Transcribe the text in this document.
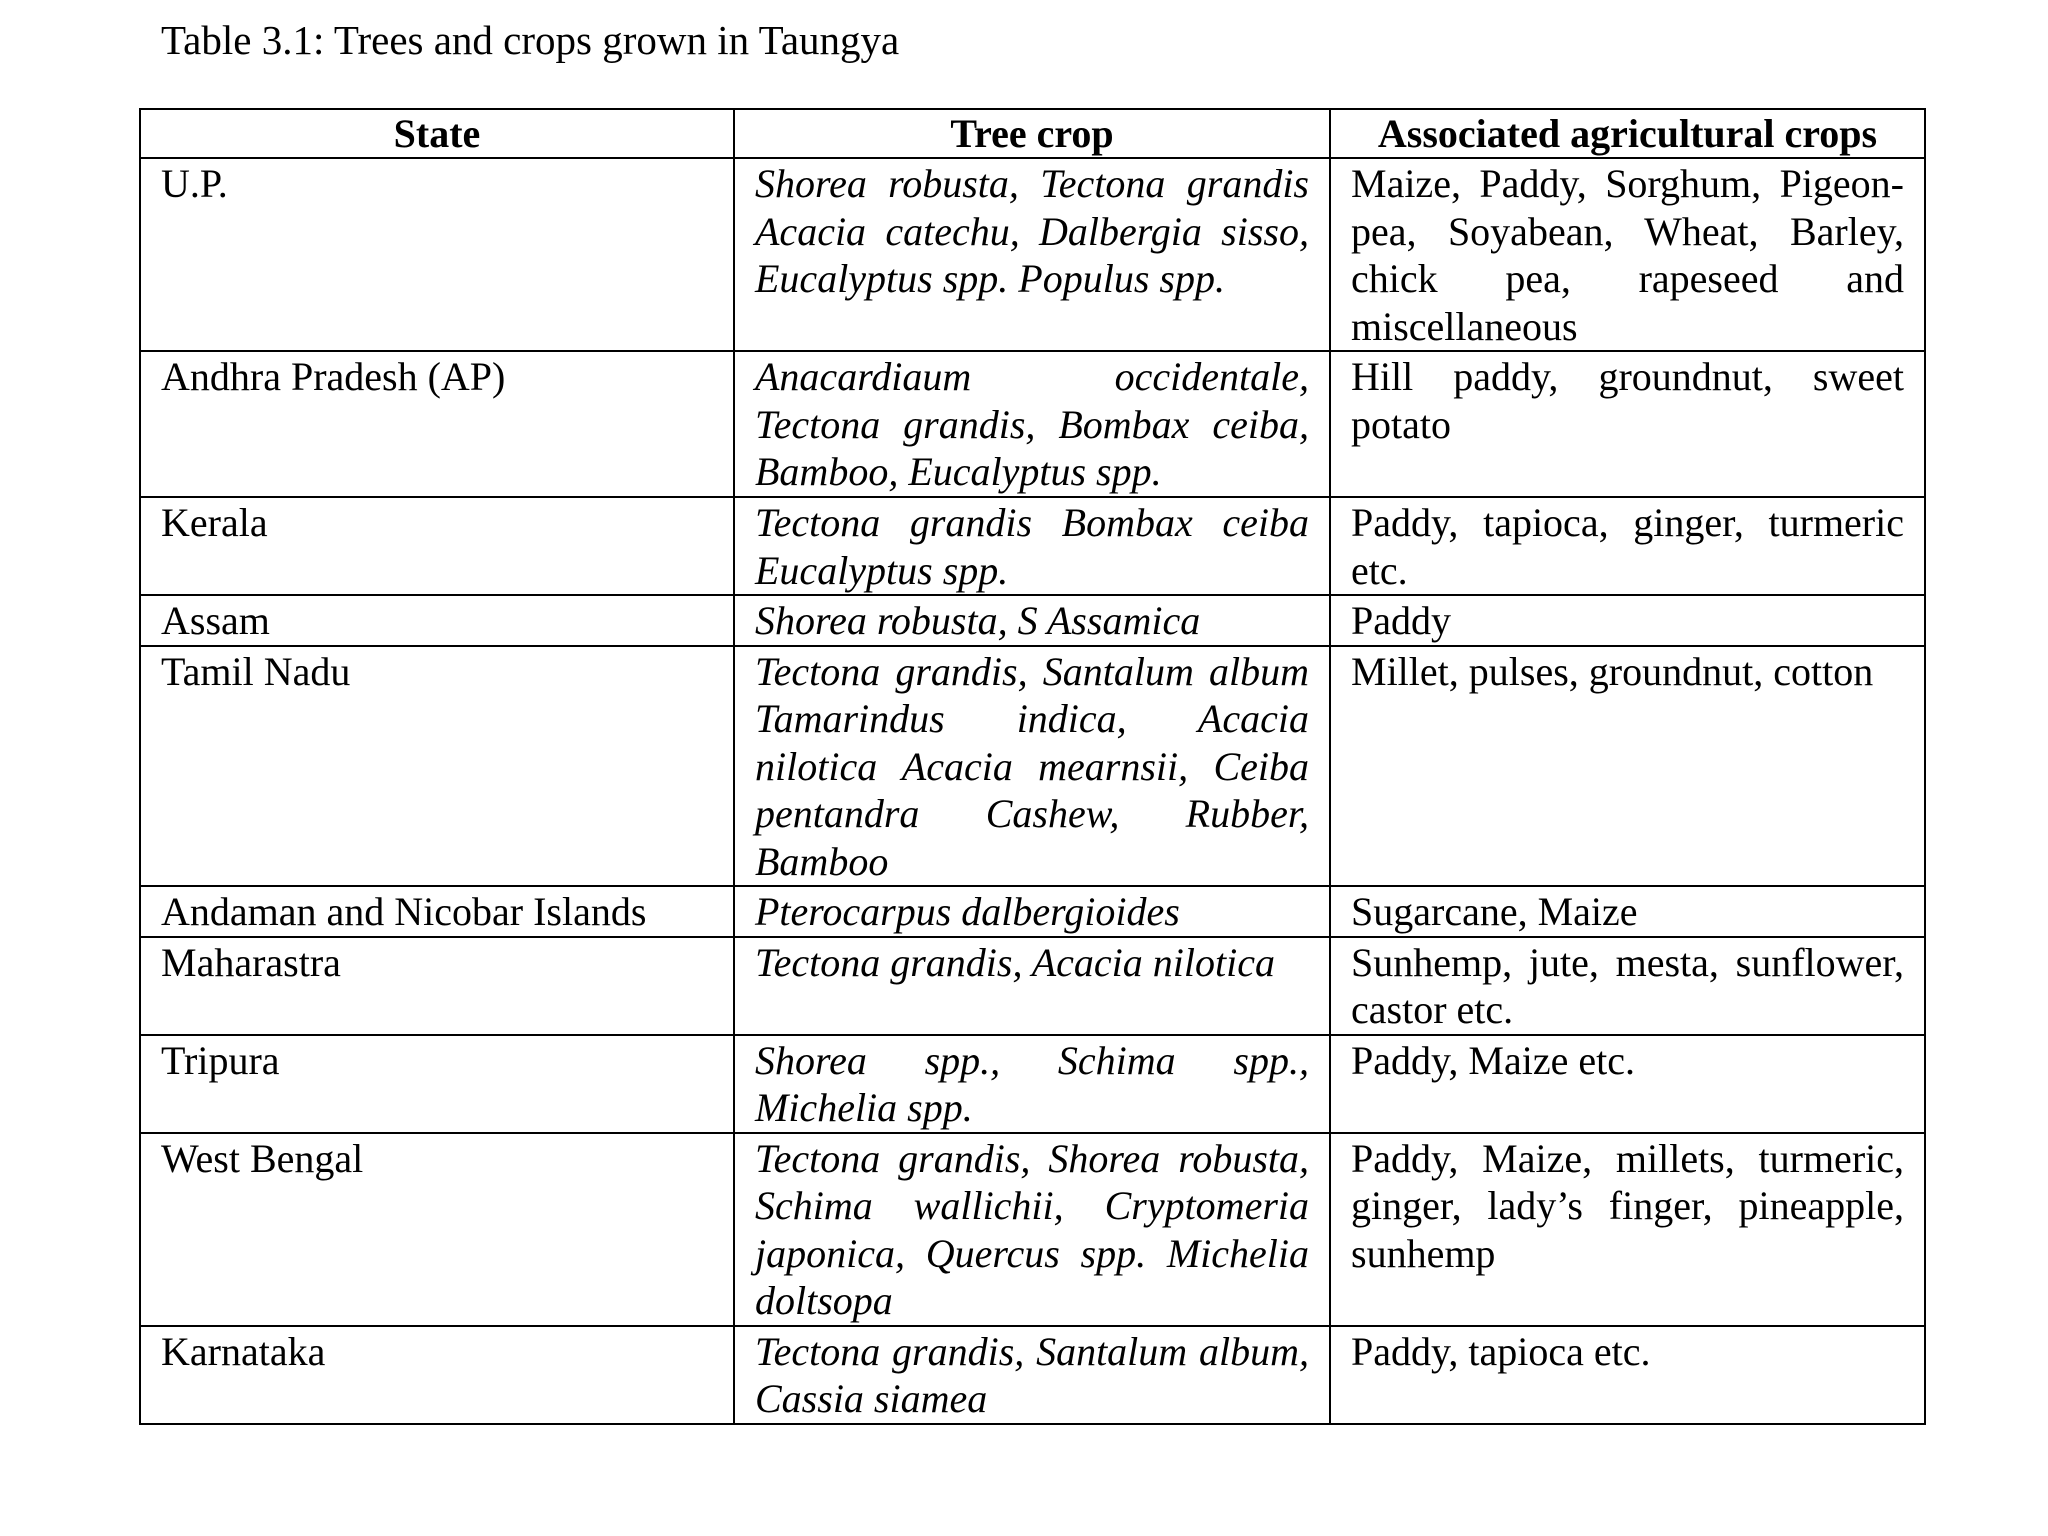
Table 3.1: Trees and crops grown in Taungya
State	Tree crop	Associated agricultural crops
U.P.	Shorea robusta, Tectona grandis Acacia catechu, Dalbergia sisso, Eucalyptus spp. Populus spp.	Maize, Paddy, Sorghum, Pigeon-pea, Soyabean, Wheat, Barley, chick pea, rapeseed and miscellaneous
Andhra Pradesh (AP)	Anacardiaum occidentale, Tectona grandis, Bombax ceiba, Bamboo, Eucalyptus spp.	Hill paddy, groundnut, sweet potato
Kerala	Tectona grandis Bombax ceiba Eucalyptus spp.	Paddy, tapioca, ginger, turmeric etc.
Assam	Shorea robusta, S Assamica	Paddy
Tamil Nadu	Tectona grandis, Santalum album Tamarindus indica, Acacia nilotica Acacia mearnsii, Ceiba pentandra Cashew, Rubber, Bamboo	Millet, pulses, groundnut, cotton
Andaman and Nicobar Islands	Pterocarpus dalbergioides	Sugarcane, Maize
Maharastra	Tectona grandis, Acacia nilotica	Sunhemp, jute, mesta, sunflower, castor etc.
Tripura	Shorea spp., Schima spp., Michelia spp.	Paddy, Maize etc.
West Bengal	Tectona grandis, Shorea robusta, Schima wallichii, Cryptomeria japonica, Quercus spp. Michelia doltsopa	Paddy, Maize, millets, turmeric, ginger, lady’s finger, pineapple, sunhemp
Karnataka	Tectona grandis, Santalum album, Cassia siamea	Paddy, tapioca etc.
